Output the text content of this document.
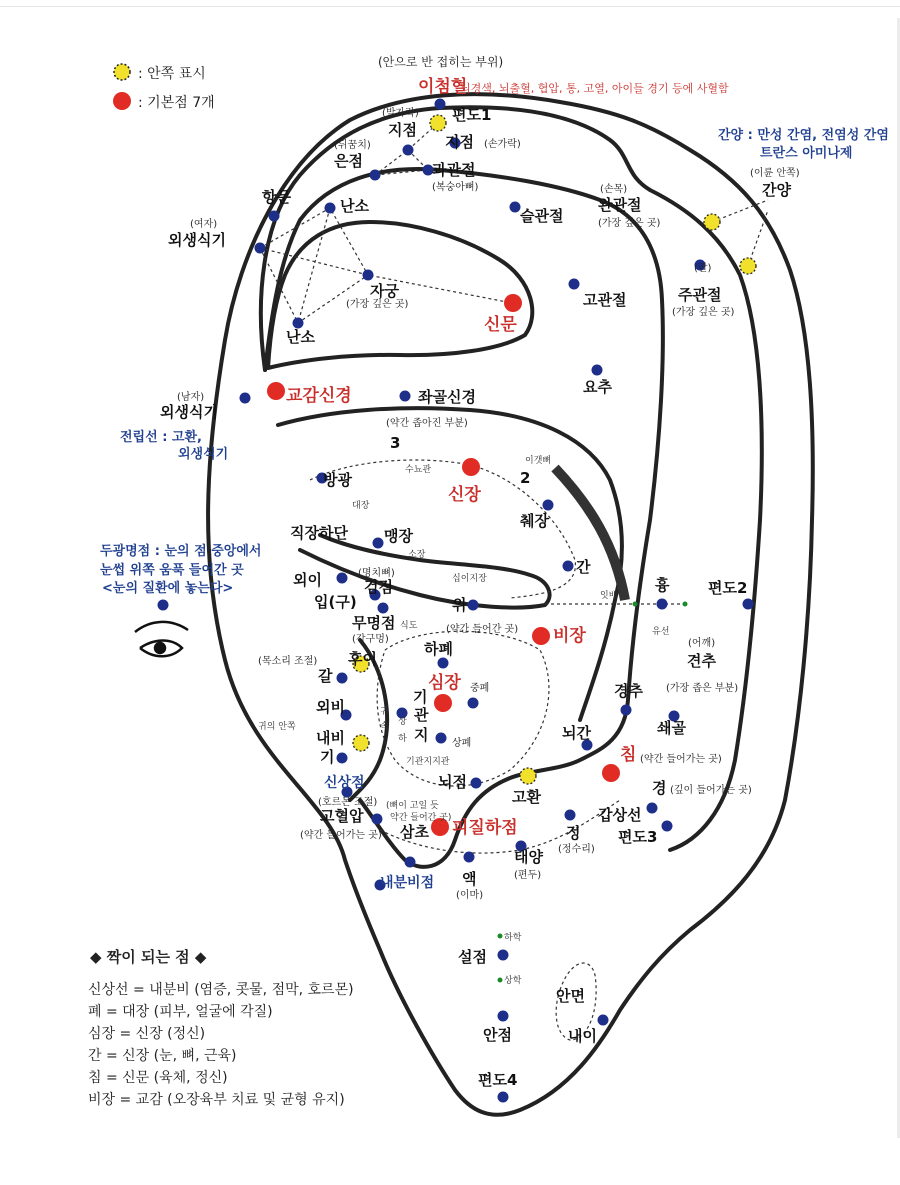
이첨혈
뇌경색, 뇌출혈, 협압, 통, 고열, 아이들 경기 등에 사혈함
편도1
(발가락)
지점
지점 (손가락)
(뒤꿈치)
은점	과관절
(복숭아뼈)
간양 : 만성 간염, 전염성 간염
트란스 아미나제
(이륜 안쪽)
간양
(손목)
완관절
(가장 깊은 곳)
항문	난소
슬관절
(여자)
외생식기
자궁
(가장 깊은 곳)	고관절
(팔)
주관절
(가장 깊은 곳)
신문
난소
요추
(남자)
외생식기
교감신경	좌골신경
(약간 좁아진 부분)
전립선 : 고환,
외생식기
3
수뇨관
신장
2
이갯뼈
방광
대장
췌장
직장하단 맹장
소장
두광명점 : 눈의 점 중앙에서
눈썹 위쪽 움푹 들어간 곳
<눈의 질환에 놓는다>
간
십이지장
외이	(명치뼈)
검점
입(구)	위	잇배
흉	편도2
무명점 식도	(약간 들어간 곳) 비장	유선
(각구멍)	(어깨)
(목소리 조절) 후이
하폐
견추
(가장 좁은 부분)
갈	심장 중폐	경추
외비
기
관
지
상
하
귀
속	쇄골
귀의 안쪽
내비
기
상폐
뇌간
기관지지관	침 (약간 들어가는 곳)
신상점
(호르몬 조절)
뇌점
고환	경 (깊이 들어가는 곳)
(뼈이 고일 듯
약간 들어간 곳)
고혈압
(약간 들어가는 곳) 삼초 피질하점
갑상선
정
(정수리)
편도3
태양
(편두)
내분비점 액
(이마)
하학
설점
상학
안면
내이
안점
편도4
: 안쪽 표시
: 기본점 7개
(안으로 반 접히는 부위)
◆ 짝이 되는 점 ◆
신상선 = 내분비 (염증, 콧물, 점막, 호르몬)
폐 = 대장 (피부, 얼굴에 각질)
심장 = 신장 (정신)
간 = 신장 (눈, 뼈, 근육)
침 = 신문 (육체, 정신)
비장 = 교감 (오장육부 치료 및 균형 유지)
